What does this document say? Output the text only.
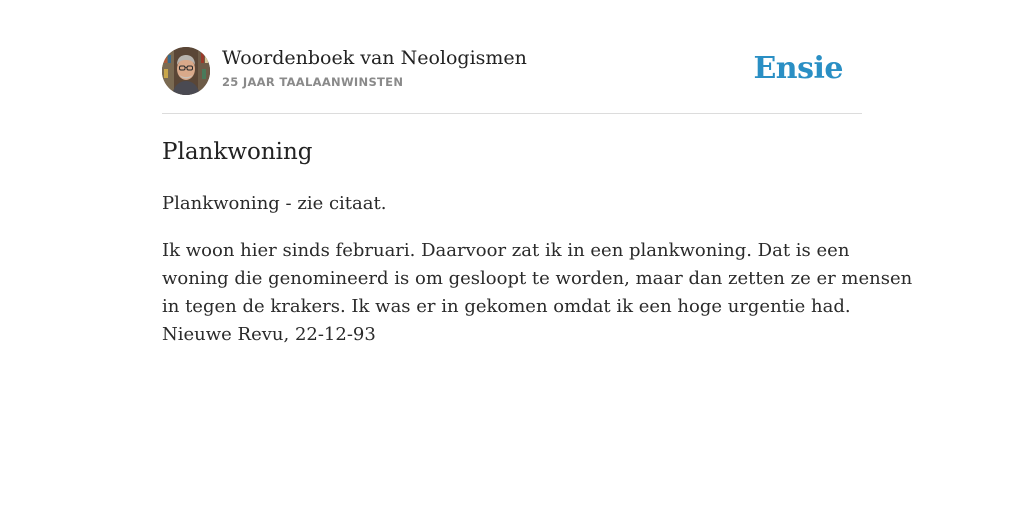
Woordenboek van Neologismen
25 JAAR TAALAANWINSTEN	Ensie
Plankwoning

Plankwoning - zie citaat.

Ik woon hier sinds februari. Daarvoor zat ik in een plankwoning. Dat is een
woning die genomineerd is om gesloopt te worden, maar dan zetten ze er mensen
in tegen de krakers. Ik was er in gekomen omdat ik een hoge urgentie had.
Nieuwe Revu, 22-12-93
